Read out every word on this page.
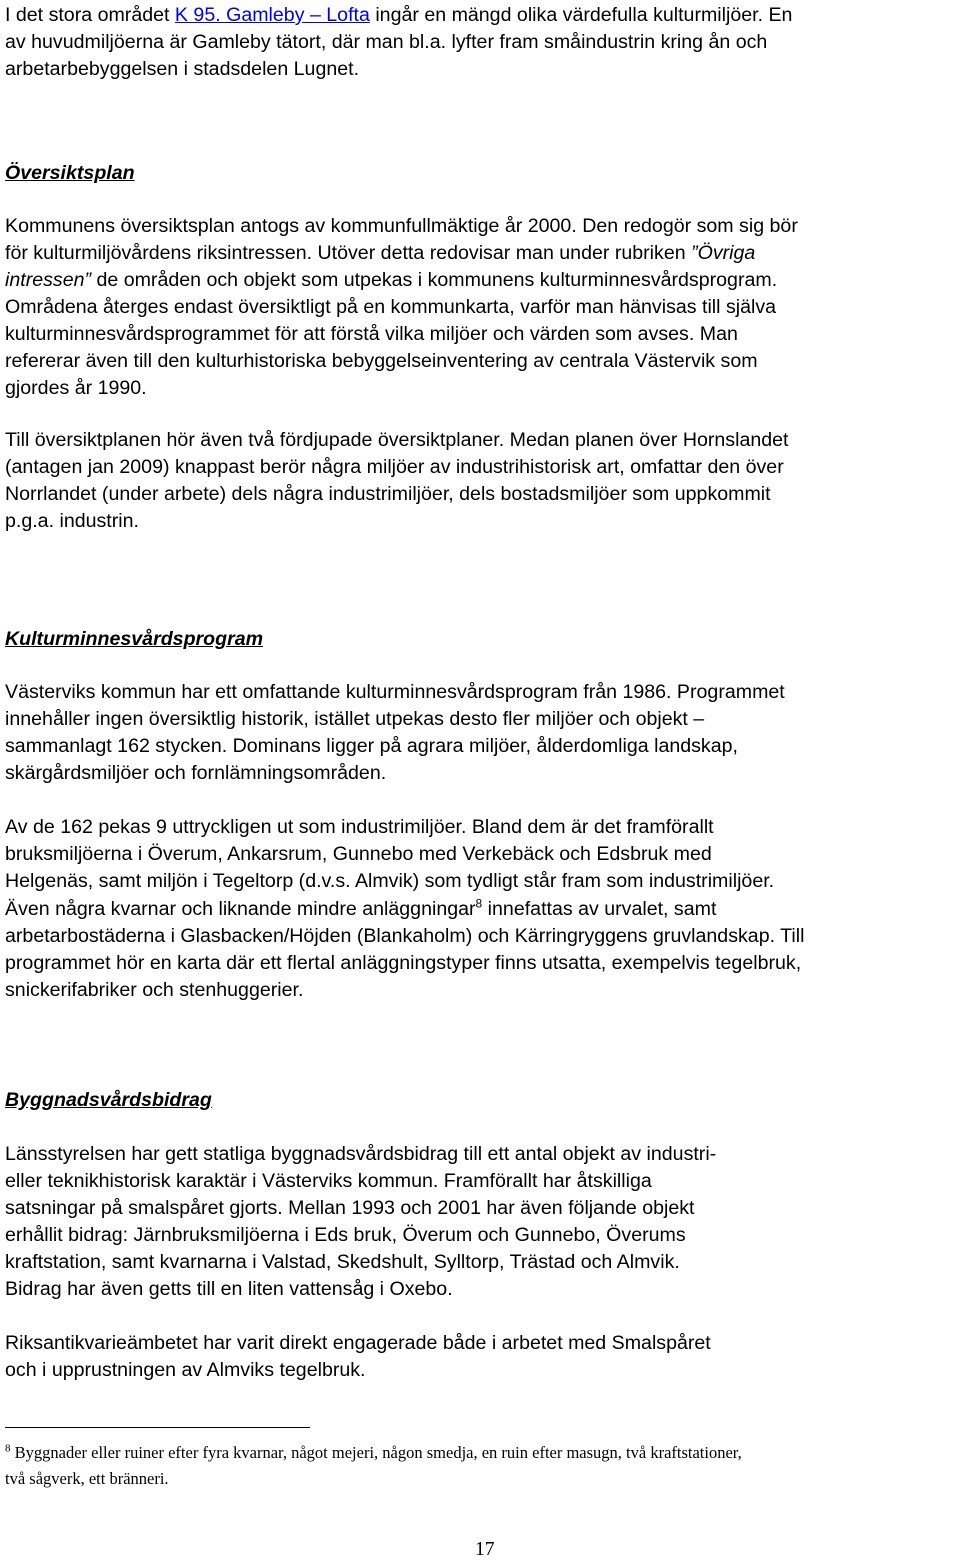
I det stora området K 95. Gamleby – Lofta ingår en mängd olika värdefulla kulturmiljöer. En
av huvudmiljöerna är Gamleby tätort, där man bl.a. lyfter fram småindustrin kring ån och
arbetarbebyggelsen i stadsdelen Lugnet.
Översiktsplan
Kommunens översiktsplan antogs av kommunfullmäktige år 2000. Den redogör som sig bör
för kulturmiljövårdens riksintressen. Utöver detta redovisar man under rubriken ”Övriga
intressen” de områden och objekt som utpekas i kommunens kulturminnesvårdsprogram.
Områdena återges endast översiktligt på en kommunkarta, varför man hänvisas till själva
kulturminnesvårdsprogrammet för att förstå vilka miljöer och värden som avses. Man
refererar även till den kulturhistoriska bebyggelseinventering av centrala Västervik som
gjordes år 1990.
Till översiktplanen hör även två fördjupade översiktplaner. Medan planen över Hornslandet
(antagen jan 2009) knappast berör några miljöer av industrihistorisk art, omfattar den över
Norrlandet (under arbete) dels några industrimiljöer, dels bostadsmiljöer som uppkommit
p.g.a. industrin.
Kulturminnesvårdsprogram
Västerviks kommun har ett omfattande kulturminnesvårdsprogram från 1986. Programmet
innehåller ingen översiktlig historik, istället utpekas desto fler miljöer och objekt –
sammanlagt 162 stycken. Dominans ligger på agrara miljöer, ålderdomliga landskap,
skärgårdsmiljöer och fornlämningsområden.
Av de 162 pekas 9 uttryckligen ut som industrimiljöer. Bland dem är det framförallt
bruksmiljöerna i Överum, Ankarsrum, Gunnebo med Verkebäck och Edsbruk med
Helgenäs, samt miljön i Tegeltorp (d.v.s. Almvik) som tydligt står fram som industrimiljöer.
Även några kvarnar och liknande mindre anläggningar$^8$ innefattas av urvalet, samt
arbetarbostäderna i Glasbacken/Höjden (Blankaholm) och Kärringryggens gruvlandskap. Till
programmet hör en karta där ett flertal anläggningstyper finns utsatta, exempelvis tegelbruk,
snickerifabriker och stenhuggerier.
Byggnadsvårdsbidrag
Länsstyrelsen har gett statliga byggnadsvårdsbidrag till ett antal objekt av industri-
eller teknikhistorisk karaktär i Västerviks kommun. Framförallt har åtskilliga
satsningar på smalspåret gjorts. Mellan 1993 och 2001 har även följande objekt
erhållit bidrag: Järnbruksmiljöerna i Eds bruk, Överum och Gunnebo, Överums
kraftstation, samt kvarnarna i Valstad, Skedshult, Sylltorp, Trästad och Almvik.
Bidrag har även getts till en liten vattensåg i Oxebo.
Riksantikvarieämbetet har varit direkt engagerade både i arbetet med Smalspåret
och i upprustningen av Almviks tegelbruk.
$^8$ Byggnader eller ruiner efter fyra kvarnar, något mejeri, någon smedja, en ruin efter masugn, två kraftstationer,
två sågverk, ett bränneri.
17
